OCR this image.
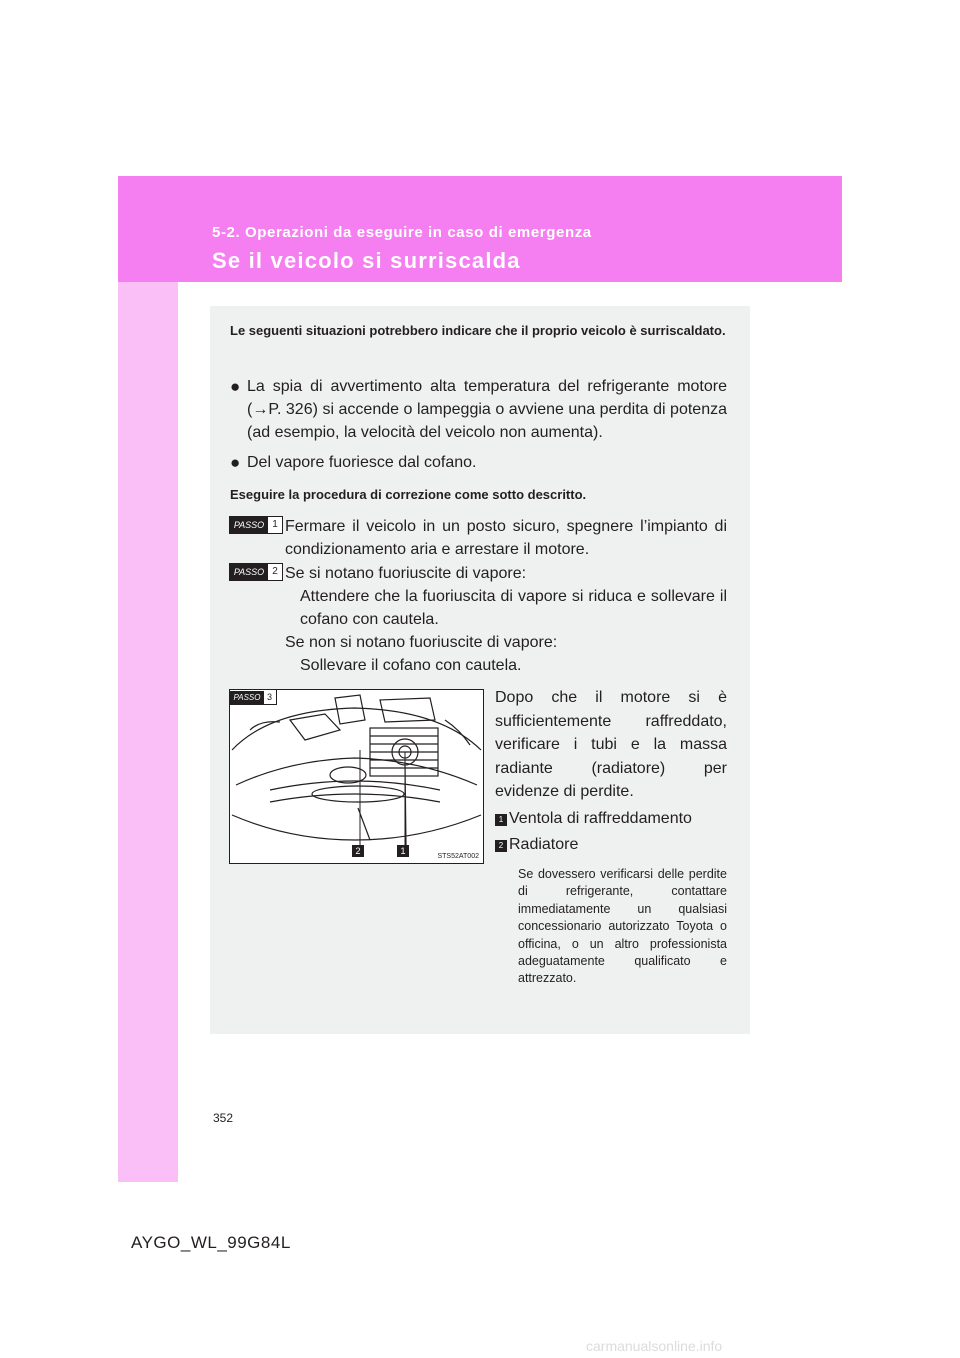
5-2. Operazioni da eseguire in caso di emergenza
Se il veicolo si surriscalda
Le seguenti situazioni potrebbero indicare che il proprio veicolo è surriscaldato.
● La spia di avvertimento alta temperatura del refrigerante motore (→P. 326) si accende o lampeggia o avviene una perdita di potenza (ad esempio, la velocità del veicolo non aumenta).
● Del vapore fuoriesce dal cofano.
Eseguire la procedura di correzione come sotto descritto.
PASSO 1 Fermare il veicolo in un posto sicuro, spegnere l’impianto di condizionamento aria e arrestare il motore.
PASSO 2 Se si notano fuoriuscite di vapore:
Attendere che la fuoriuscita di vapore si riduca e sollevare il cofano con cautela.
Se non si notano fuoriuscite di vapore:
Sollevare il cofano con cautela.
2	1
PASSO 3
STS52AT002
Dopo che il motore si è sufficientemente raffreddato, verificare i tubi e la massa radiante (radiatore) per evidenze di perdite.
1 Ventola di raffreddamento
2 Radiatore
Se dovessero verificarsi delle perdite di refrigerante, contattare immediatamente un qualsiasi concessionario autorizzato Toyota o officina, o un altro professionista adeguatamente qualificato e attrezzato.
352
AYGO_WL_99G84L
carmanualsonline.info
